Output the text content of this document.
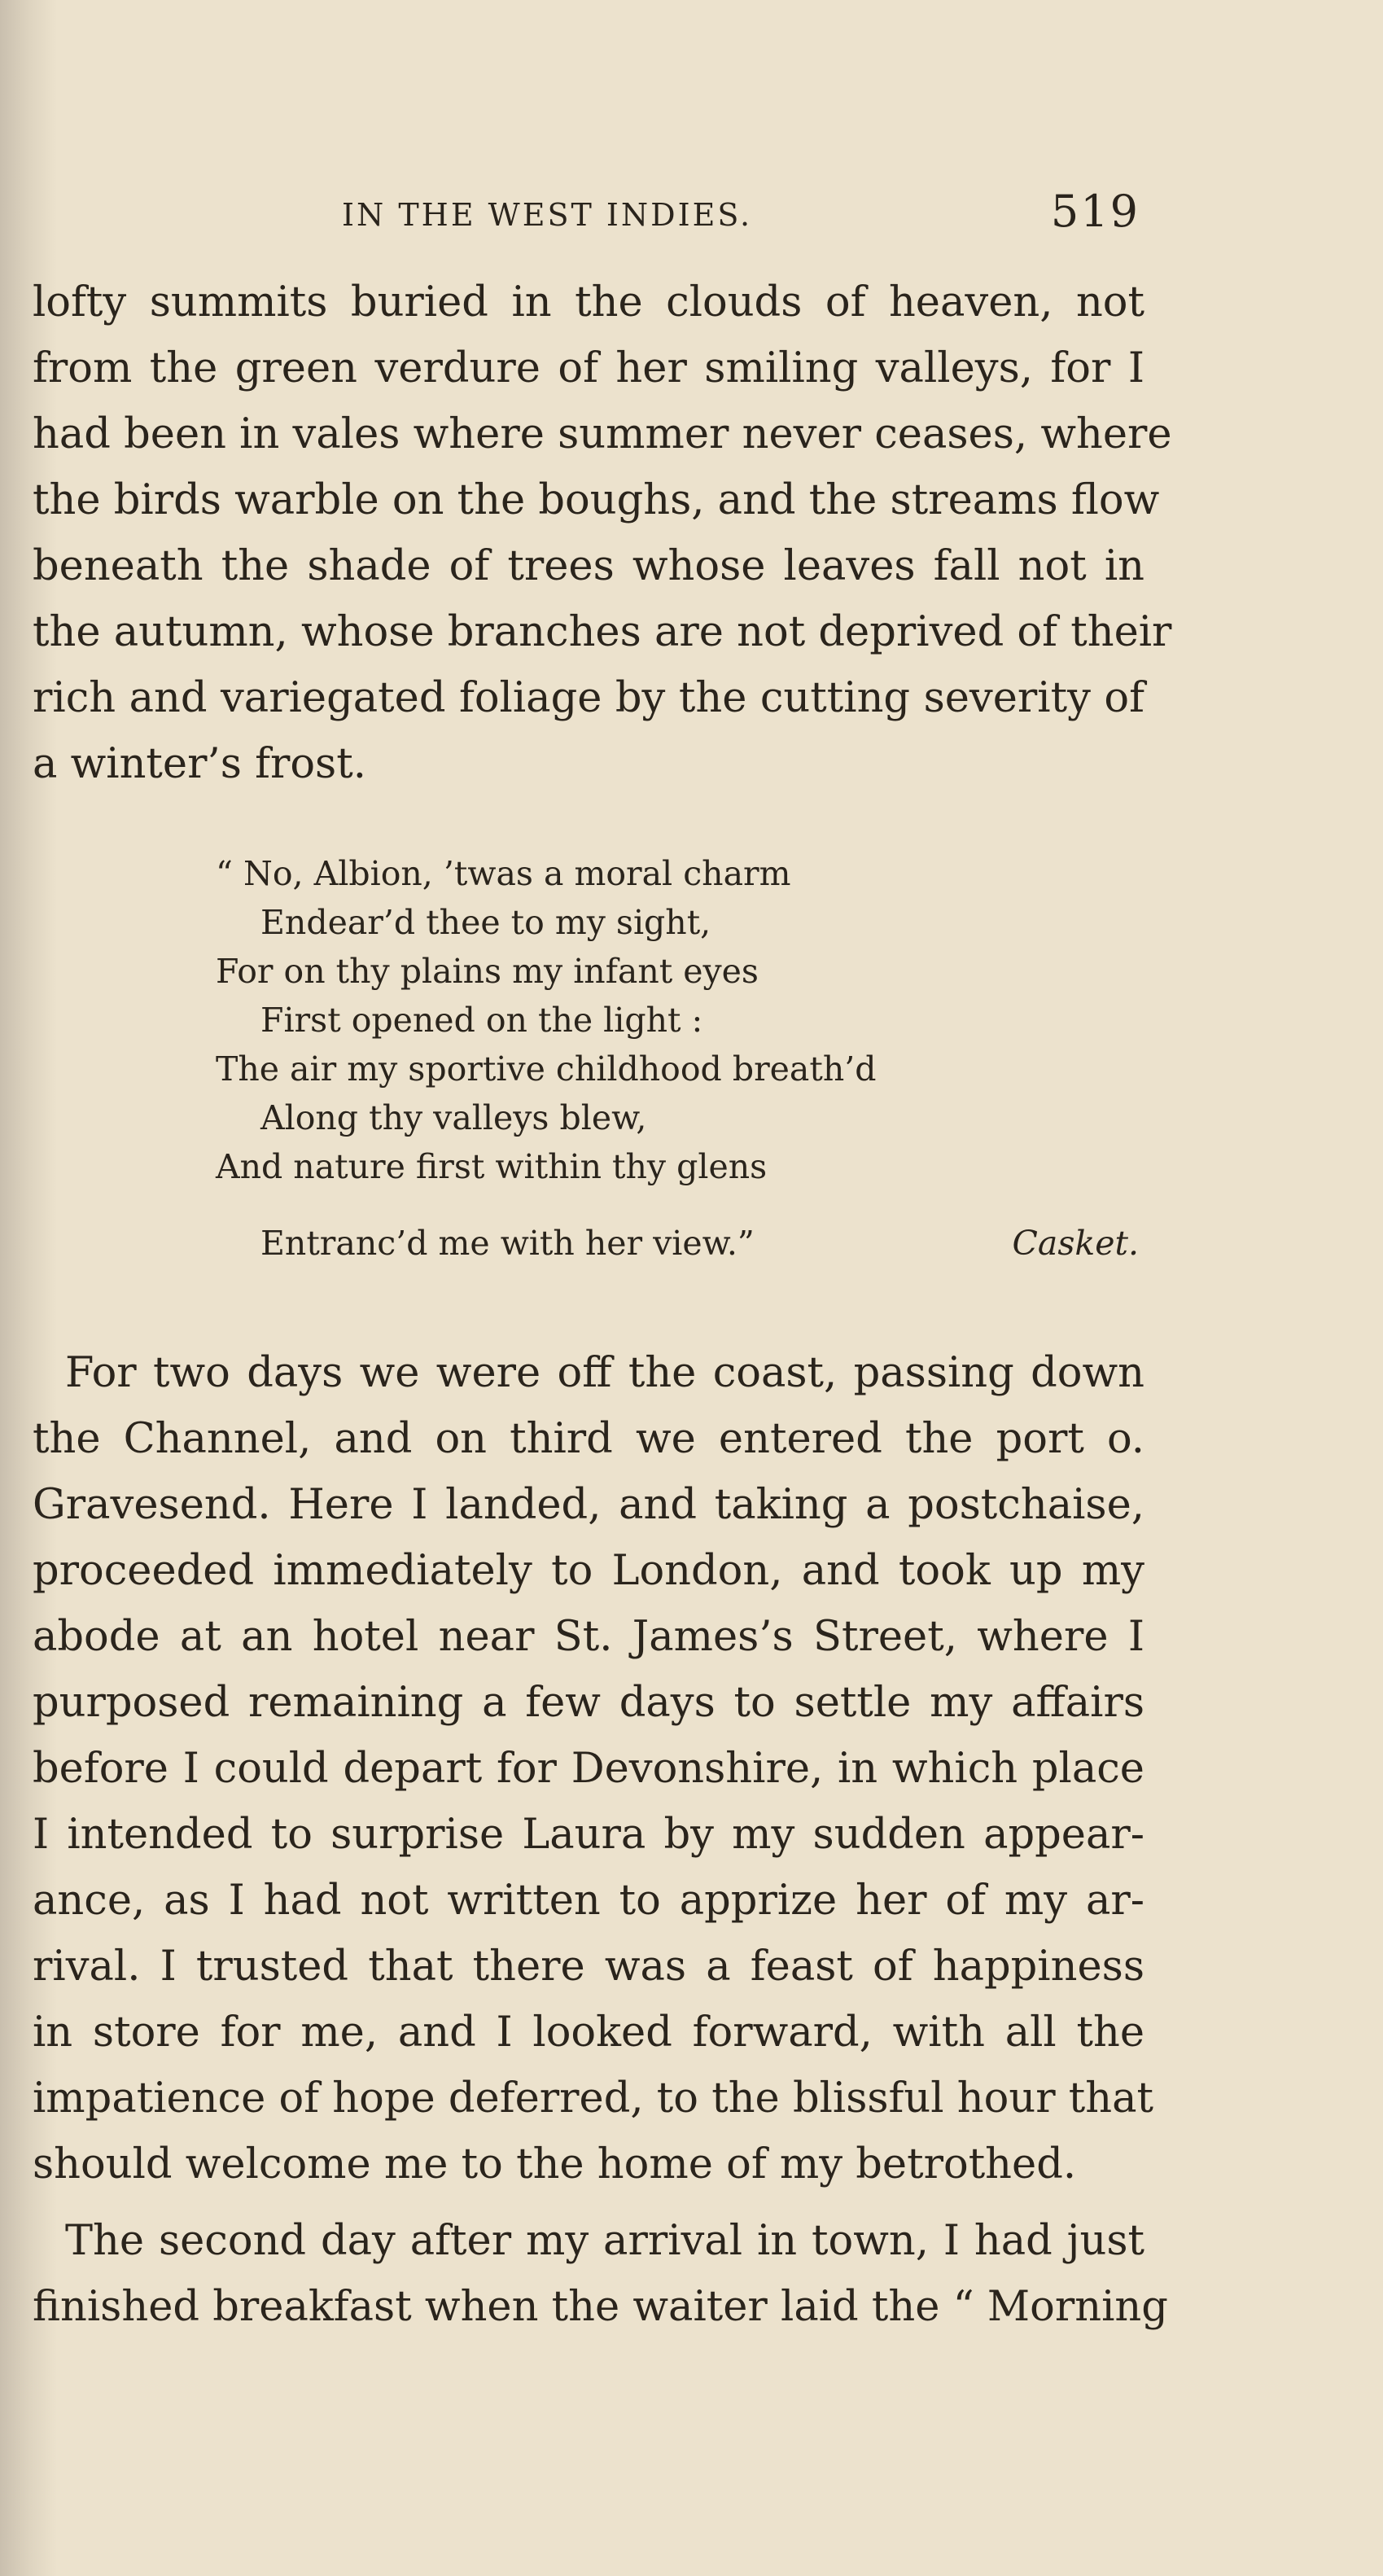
IN THE WEST INDIES.	519
lofty summits buried in the clouds of heaven, not
from the green verdure of her smiling valleys, for I
had been in vales where summer never ceases, where
the birds warble on the boughs, and the streams flow
beneath the shade of trees whose leaves fall not in
the autumn, whose branches are not deprived of their
rich and variegated foliage by the cutting severity of
a winter’s frost.
“ No, Albion, ’twas a moral charm
Endear’d thee to my sight,
For on thy plains my infant eyes
First opened on the light :
The air my sportive childhood breath’d
Along thy valleys blew,
And nature first within thy glens
Entranc’d me with her view.”	Casket.
For two days we were off the coast, passing down
the Channel, and on third we entered the port o.
Gravesend. Here I landed, and taking a postchaise,
proceeded immediately to London, and took up my
abode at an hotel near St. James’s Street, where I
purposed remaining a few days to settle my affairs
before I could depart for Devonshire, in which place
I intended to surprise Laura by my sudden appear-
ance, as I had not written to apprize her of my ar-
rival. I trusted that there was a feast of happiness
in store for me, and I looked forward, with all the
impatience of hope deferred, to the blissful hour that
should welcome me to the home of my betrothed.
The second day after my arrival in town, I had just
finished breakfast when the waiter laid the “ Morning
